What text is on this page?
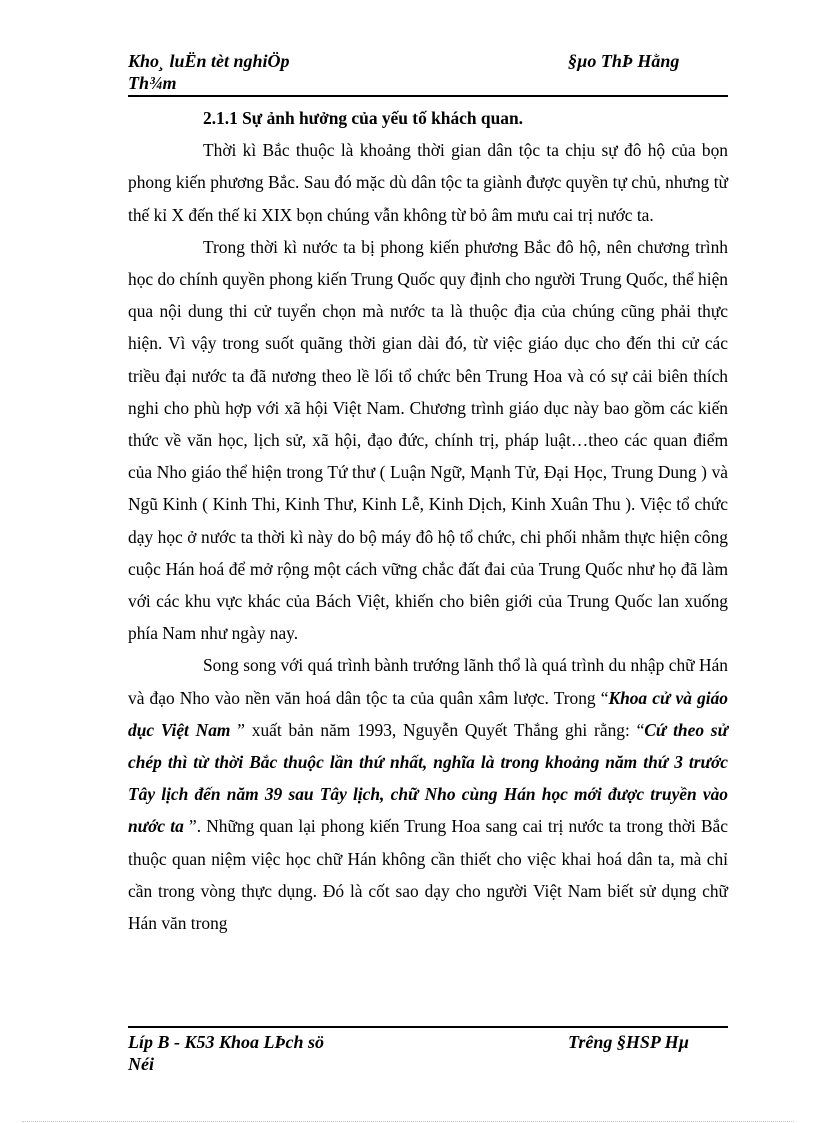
Kho¸ luËn tèt nghiÖp
Th¾m
§µo ThÞ Hằng

2.1.1 Sự ảnh hưởng của yếu tố khách quan.

Thời kì Bắc thuộc là khoảng thời gian dân tộc ta chịu sự đô hộ của bọn phong kiến phương Bắc. Sau đó mặc dù dân tộc ta giành được quyền tự chủ, nhưng từ thế kỉ X đến thế kỉ XIX bọn chúng vẫn không từ bỏ âm mưu cai trị nước ta.

Trong thời kì nước ta bị phong kiến phương Bắc đô hộ, nên chương trình học do chính quyền phong kiến Trung Quốc quy định cho người Trung Quốc, thể hiện qua nội dung thi cử tuyển chọn mà nước ta là thuộc địa của chúng cũng phải thực hiện. Vì vậy trong suốt quãng thời gian dài đó, từ việc giáo dục cho đến thi cử các triều đại nước ta đã nương theo lề lối tổ chức bên Trung Hoa và có sự cải biên thích nghi cho phù hợp với xã hội Việt Nam. Chương trình giáo dục này bao gồm các kiến thức về văn học, lịch sử, xã hội, đạo đức, chính trị, pháp luật…theo các quan điểm của Nho giáo thể hiện trong Tứ thư ( Luận Ngữ, Mạnh Tử, Đại Học, Trung Dung ) và Ngũ Kinh ( Kinh Thi, Kinh Thư, Kinh Lễ, Kinh Dịch, Kinh Xuân Thu ). Việc tổ chức dạy học ở nước ta thời kì này do bộ máy đô hộ tổ chức, chi phối nhằm thực hiện công cuộc Hán hoá để mở rộng một cách vững chắc đất đai của Trung Quốc như họ đã làm với các khu vực khác của Bách Việt, khiến cho biên giới của Trung Quốc lan xuống phía Nam như ngày nay.

Song song với quá trình bành trướng lãnh thổ là quá trình du nhập chữ Hán và đạo Nho vào nền văn hoá dân tộc ta của quân xâm lược. Trong “Khoa cử và giáo dục Việt Nam ” xuất bản năm 1993, Nguyễn Quyết Thắng ghi rằng: “Cứ theo sử chép thì từ thời Bắc thuộc lần thứ nhất, nghĩa là trong khoảng năm thứ 3 trước Tây lịch đến năm 39 sau Tây lịch, chữ Nho cùng Hán học mới được truyền vào nước ta ”. Những quan lại phong kiến Trung Hoa sang cai trị nước ta trong thời Bắc thuộc quan niệm việc học chữ Hán không cần thiết cho việc khai hoá dân ta, mà chỉ cần trong vòng thực dụng. Đó là cốt sao dạy cho người Việt Nam biết sử dụng chữ Hán văn trong

Líp B - K53 Khoa LÞch sö
Néi
Trêng §HSP Hµ
